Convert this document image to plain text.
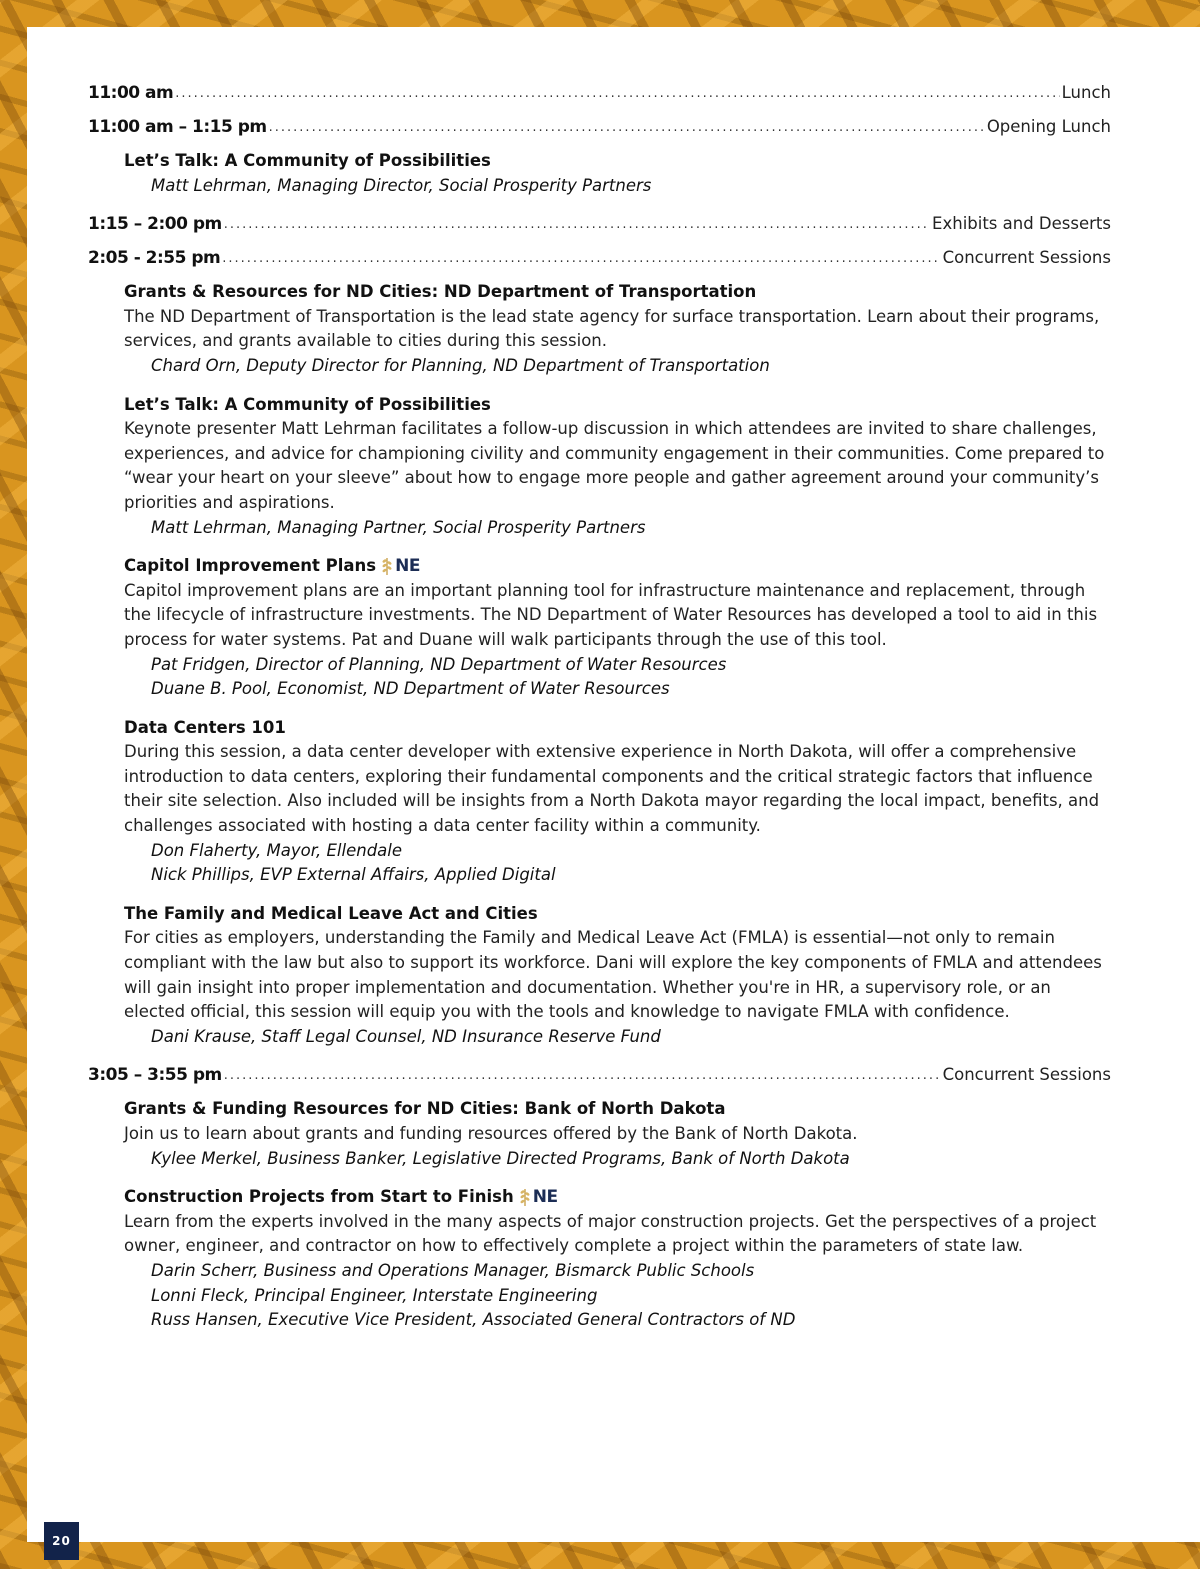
11:00 am .....	Lunch
11:00 am – 1:15 pm .....	Opening Lunch
Let’s Talk: A Community of Possibilities
Matt Lehrman, Managing Director, Social Prosperity Partners
1:15 – 2:00 pm .....	Exhibits and Desserts
2:05 - 2:55 pm .....	Concurrent Sessions
Grants & Resources for ND Cities: ND Department of Transportation

The ND Department of Transportation is the lead state agency for surface transportation. Learn about their programs, services, and grants available to cities during this session.

Chard Orn, Deputy Director for Planning, ND Department of Transportation
Let’s Talk: A Community of Possibilities

Keynote presenter Matt Lehrman facilitates a follow-up discussion in which attendees are invited to share challenges, experiences, and advice for championing civility and community engagement in their communities. Come prepared to “wear your heart on your sleeve” about how to engage more people and gather agreement around your community’s priorities and aspirations.

Matt Lehrman, Managing Partner, Social Prosperity Partners
Capitol Improvement Plans NE

Capitol improvement plans are an important planning tool for infrastructure maintenance and replacement, through the lifecycle of infrastructure investments. The ND Department of Water Resources has developed a tool to aid in this process for water systems. Pat and Duane will walk participants through the use of this tool.

Pat Fridgen, Director of Planning, ND Department of Water Resources
Duane B. Pool, Economist, ND Department of Water Resources
Data Centers 101

During this session, a data center developer with extensive experience in North Dakota, will offer a comprehensive introduction to data centers, exploring their fundamental components and the critical strategic factors that influence their site selection. Also included will be insights from a North Dakota mayor regarding the local impact, benefits, and challenges associated with hosting a data center facility within a community.

Don Flaherty, Mayor, Ellendale
Nick Phillips, EVP External Affairs, Applied Digital
The Family and Medical Leave Act and Cities

For cities as employers, understanding the Family and Medical Leave Act (FMLA) is essential—not only to remain compliant with the law but also to support its workforce. Dani will explore the key components of FMLA and attendees will gain insight into proper implementation and documentation. Whether you're in HR, a supervisory role, or an elected official, this session will equip you with the tools and knowledge to navigate FMLA with confidence.

Dani Krause, Staff Legal Counsel, ND Insurance Reserve Fund
3:05 – 3:55 pm .....	Concurrent Sessions
Grants & Funding Resources for ND Cities: Bank of North Dakota

Join us to learn about grants and funding resources offered by the Bank of North Dakota.

Kylee Merkel, Business Banker, Legislative Directed Programs, Bank of North Dakota
Construction Projects from Start to Finish NE

Learn from the experts involved in the many aspects of major construction projects. Get the perspectives of a project owner, engineer, and contractor on how to effectively complete a project within the parameters of state law.

Darin Scherr, Business and Operations Manager, Bismarck Public Schools
Lonni Fleck, Principal Engineer, Interstate Engineering
Russ Hansen, Executive Vice President, Associated General Contractors of ND
20
